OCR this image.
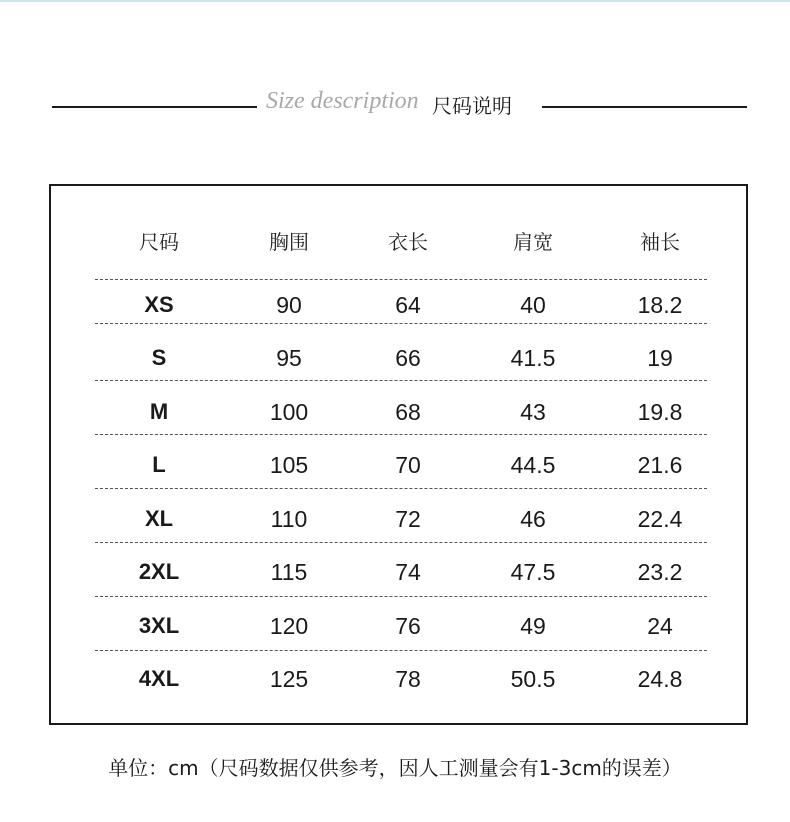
Size description 尺码说明
尺码	胸围	衣长	肩宽	袖长
XS	90	64	40	18.2
S	95	66	41.5	19
M	100	68	43	19.8
L	105	70	44.5	21.6
XL	110	72	46	22.4
2XL	115	74	47.5	23.2
3XL	120	76	49	24
4XL	125	78	50.5	24.8
单位：cm（尺码数据仅供参考，因人工测量会有1-3cm的误差）
